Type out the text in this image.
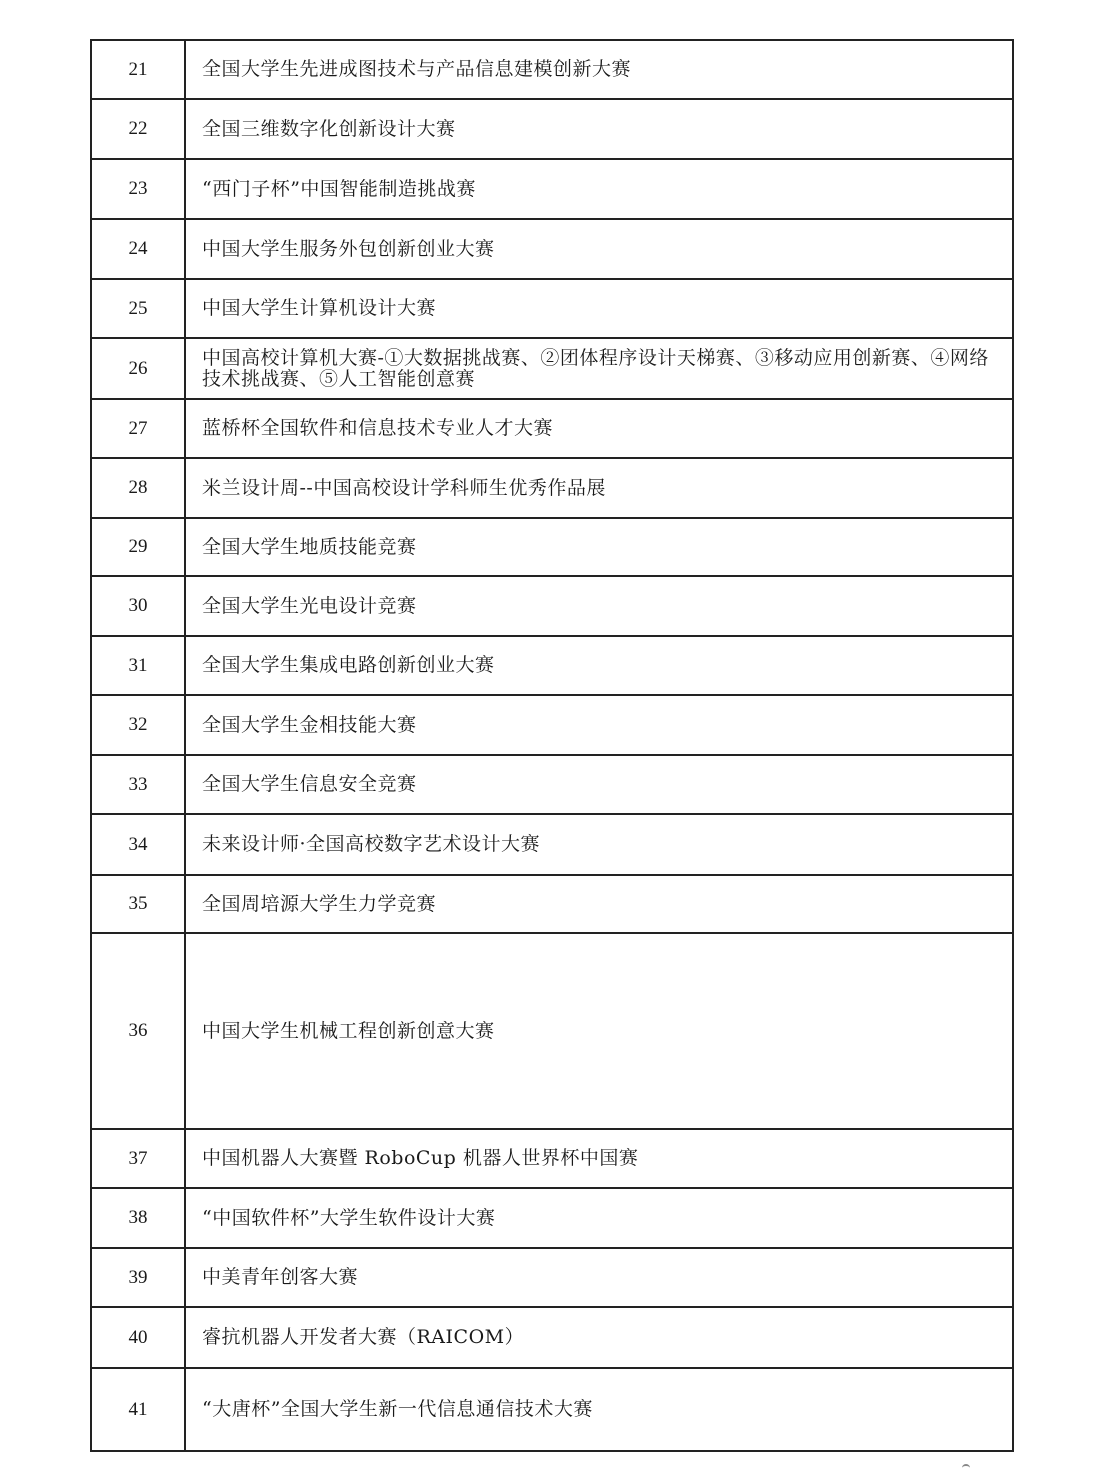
21	全国大学生先进成图技术与产品信息建模创新大赛
22	全国三维数字化创新设计大赛
23	“西门子杯”中国智能制造挑战赛
24	中国大学生服务外包创新创业大赛
25	中国大学生计算机设计大赛
26	中国高校计算机大赛-①大数据挑战赛、②团体程序设计天梯赛、③移动应用创新赛、④网络技术挑战赛、⑤人工智能创意赛
27	蓝桥杯全国软件和信息技术专业人才大赛
28	米兰设计周--中国高校设计学科师生优秀作品展
29	全国大学生地质技能竞赛
30	全国大学生光电设计竞赛
31	全国大学生集成电路创新创业大赛
32	全国大学生金相技能大赛
33	全国大学生信息安全竞赛
34	未来设计师·全国高校数字艺术设计大赛
35	全国周培源大学生力学竞赛
36	中国大学生机械工程创新创意大赛
37	中国机器人大赛暨 RoboCup 机器人世界杯中国赛
38	“中国软件杯”大学生软件设计大赛
39	中美青年创客大赛
40	睿抗机器人开发者大赛（RAICOM）
41	“大唐杯”全国大学生新一代信息通信技术大赛
